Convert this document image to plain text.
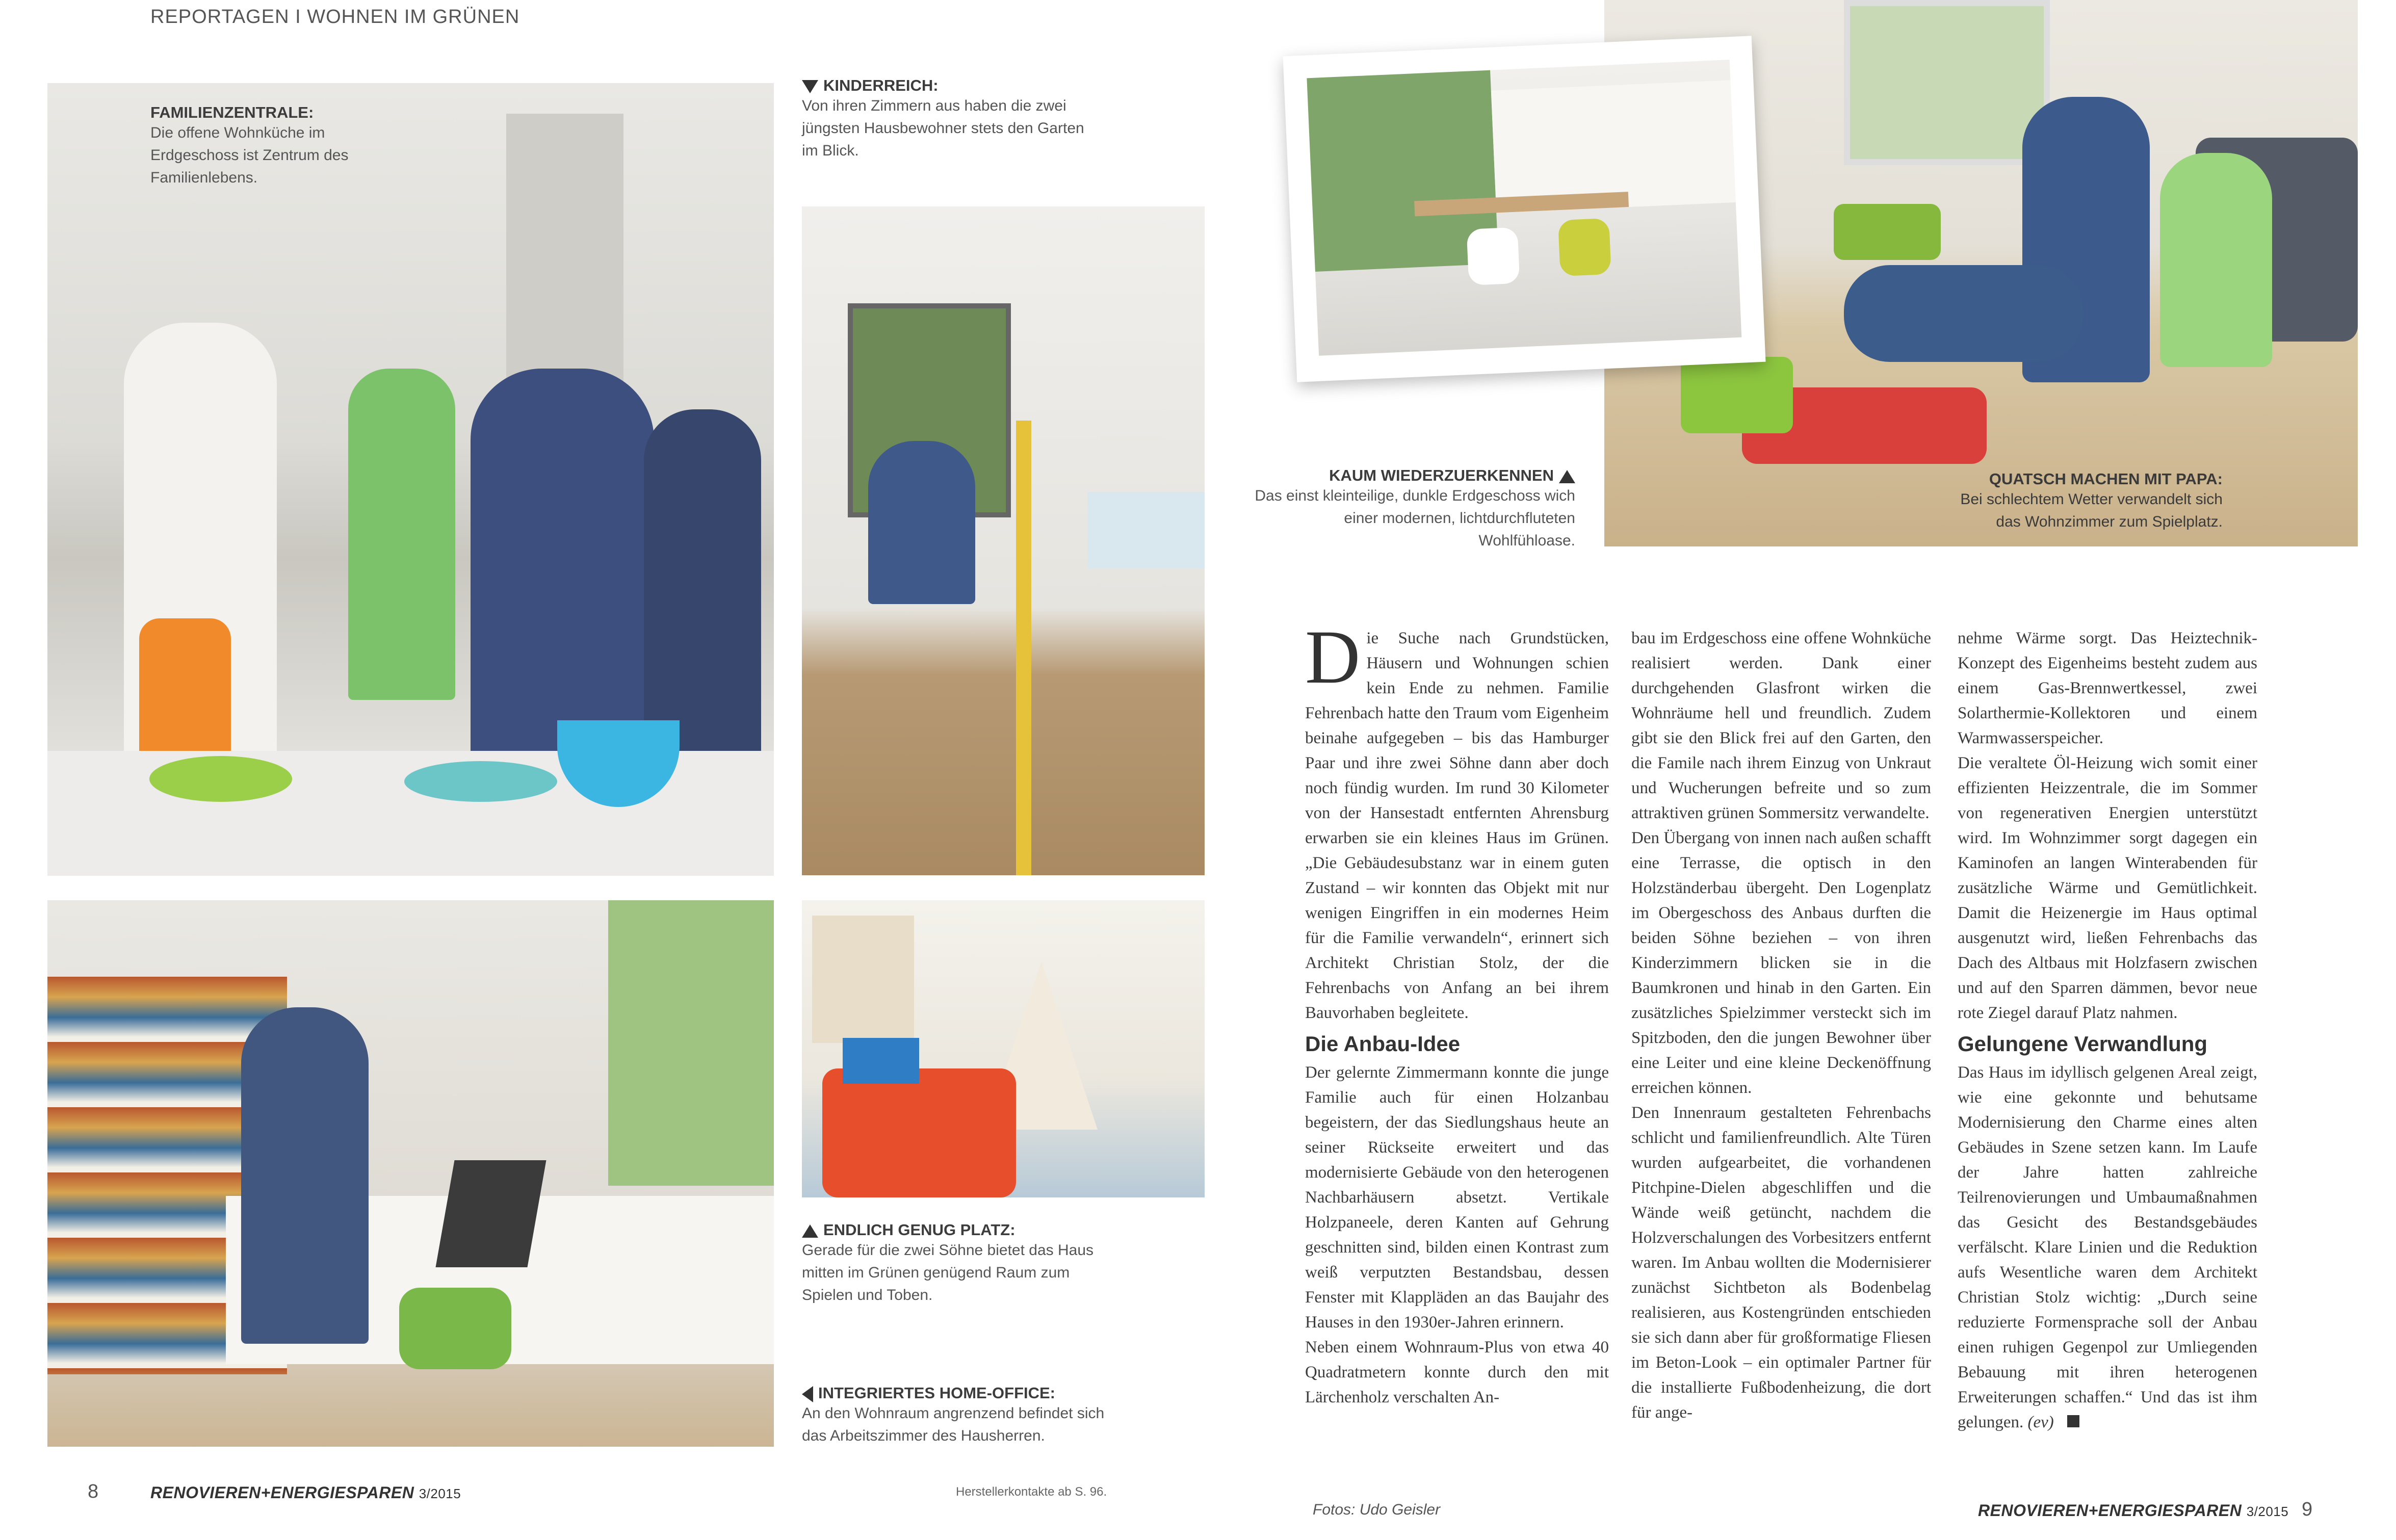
REPORTAGEN I WOHNEN IM GRÜNEN
FAMILIENZENTRALE:
Die offene Wohnküche im Erdgeschoss ist Zentrum des Familienlebens.
KINDERREICH:
Von ihren Zimmern aus haben die zwei jüngsten Hausbewohner stets den Garten im Blick.
ENDLICH GENUG PLATZ:
Gerade für die zwei Söhne bietet das Haus mitten im Grünen genügend Raum zum Spielen und Toben.
INTEGRIERTES HOME-OFFICE:
An den Wohnraum angrenzend befindet sich das Arbeitszimmer des Hausherren.
KAUM WIEDERZUERKENNEN
Das einst kleinteilige, dunkle Erdgeschoss wich einer modernen, lichtdurchfluteten Wohlfühloase.
QUATSCH MACHEN MIT PAPA:
Bei schlechtem Wetter verwandelt sich das Wohnzimmer zum Spielplatz.

Die Suche nach Grundstücken, Häusern und Wohnungen schien kein Ende zu nehmen. Familie Fehrenbach hatte den Traum vom Eigenheim beinahe aufgegeben – bis das Hamburger Paar und ihre zwei Söhne dann aber doch noch fündig wurden. Im rund 30 Kilometer von der Hansestadt entfernten Ahrensburg erwarben sie ein kleines Haus im Grünen. „Die Gebäudesubstanz war in einem guten Zustand – wir konnten das Objekt mit nur wenigen Eingriffen in ein modernes Heim für die Familie verwandeln“, erinnert sich Architekt Christian Stolz, der die Fehrenbachs von Anfang an bei ihrem Bauvorhaben begleitete.

Die Anbau-Idee

Der gelernte Zimmermann konnte die junge Familie auch für einen Holzanbau begeistern, der das Siedlungshaus heute an seiner Rückseite erweitert und das modernisierte Gebäude von den heterogenen Nachbarhäusern absetzt. Vertikale Holzpaneele, deren Kanten auf Gehrung geschnitten sind, bilden einen Kontrast zum weiß verputzten Bestandsbau, dessen Fenster mit Klappläden an das Baujahr des Hauses in den 1930er-Jahren erinnern.

Neben einem Wohnraum-Plus von etwa 40 Quadratmetern konnte durch den mit Lärchenholz verschalten An-

bau im Erdgeschoss eine offene Wohnküche realisiert werden. Dank einer durchgehenden Glasfront wirken die Wohnräume hell und freundlich. Zudem gibt sie den Blick frei auf den Garten, den die Famile nach ihrem Einzug von Unkraut und Wucherungen befreite und so zum attraktiven grünen Sommersitz verwandelte.

Den Übergang von innen nach außen schafft eine Terrasse, die optisch in den Holzständerbau übergeht. Den Logenplatz im Obergeschoss des Anbaus durften die beiden Söhne beziehen – von ihren Kinderzimmern blicken sie in die Baumkronen und hinab in den Garten. Ein zusätzliches Spielzimmer versteckt sich im Spitzboden, den die jungen Bewohner über eine Leiter und eine kleine Deckenöffnung erreichen können.

Den Innenraum gestalteten Fehrenbachs schlicht und familienfreundlich. Alte Türen wurden aufgearbeitet, die vorhandenen Pitchpine-Dielen abgeschliffen und die Wände weiß getüncht, nachdem die Holzverschalungen des Vorbesitzers entfernt waren. Im Anbau wollten die Modernisierer zunächst Sichtbeton als Bodenbelag realisieren, aus Kostengründen entschieden sie sich dann aber für großformatige Fliesen im Beton-Look – ein optimaler Partner für die installierte Fußbodenheizung, die dort für ange-

nehme Wärme sorgt. Das Heiztechnik-Konzept des Eigenheims besteht zudem aus einem Gas-Brennwertkessel, zwei Solarthermie-Kollektoren und einem Warmwasserspeicher.

Die veraltete Öl-Heizung wich somit einer effizienten Heizzentrale, die im Sommer von regenerativen Energien unterstützt wird. Im Wohnzimmer sorgt dagegen ein Kaminofen an langen Winterabenden für zusätzliche Wärme und Gemütlichkeit. Damit die Heizenergie im Haus optimal ausgenutzt wird, ließen Fehrenbachs das Dach des Altbaus mit Holzfasern zwischen und auf den Sparren dämmen, bevor neue rote Ziegel darauf Platz nahmen.

Gelungene Verwandlung

Das Haus im idyllisch gelgenen Areal zeigt, wie eine gekonnte und behutsame Modernisierung den Charme eines alten Gebäudes in Szene setzen kann. Im Laufe der Jahre hatten zahlreiche Teilrenovierungen und Umbaumaßnahmen das Gesicht des Bestandsgebäudes verfälscht. Klare Linien und die Reduktion aufs Wesentliche waren dem Architekt Christian Stolz wichtig: „Durch seine reduzierte Formensprache soll der Anbau einen ruhigen Gegenpol zur Umliegenden Bebauung mit ihren heterogenen Erweiterungen schaffen.“ Und das ist ihm gelungen. (ev)

8	RENOVIEREN+ENERGIESPAREN 3/2015	Herstellerkontakte ab S. 96.
Fotos: Udo Geisler	RENOVIEREN+ENERGIESPAREN 3/2015 9
